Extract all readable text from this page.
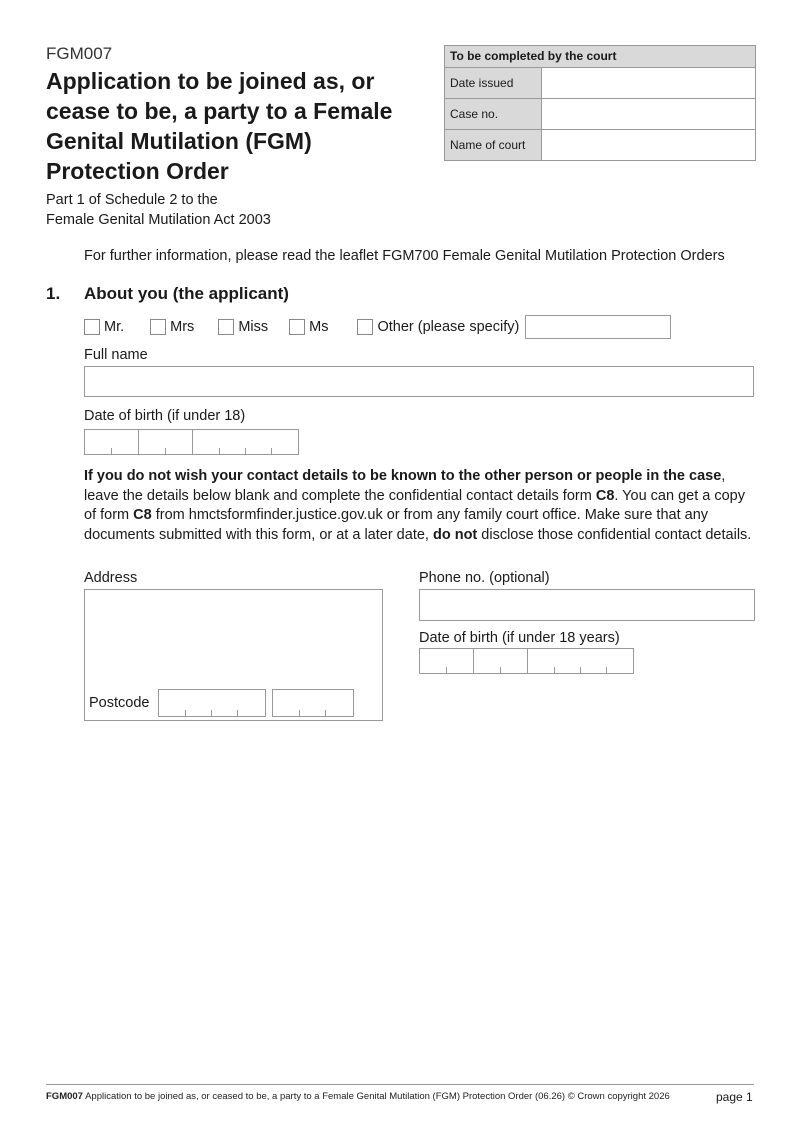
FGM007
Application to be joined as, or cease to be, a party to a Female Genital Mutilation (FGM) Protection Order
Part 1 of Schedule 2 to the
Female Genital Mutilation Act 2003
To be completed by the court
Date issued
Case no.
Name of court
For further information, please read the leaflet FGM700 Female Genital Mutilation Protection Orders
1. About you (the applicant)
Mr.	Mrs	Miss	Ms	Other (please specify)
Full name
Date of birth (if under 18)
If you do not wish your contact details to be known to the other person or people in the case, leave the details below blank and complete the confidential contact details form C8. You can get a copy of form C8 from hmctsformfinder.justice.gov.uk or from any family court office. Make sure that any documents submitted with this form, or at a later date, do not disclose those confidential contact details.
Address
Postcode
Phone no. (optional)
Date of birth (if under 18 years)
FGM007 Application to be joined as, or ceased to be, a party to a Female Genital Mutilation (FGM) Protection Order (06.26) © Crown copyright 2026	page 1
